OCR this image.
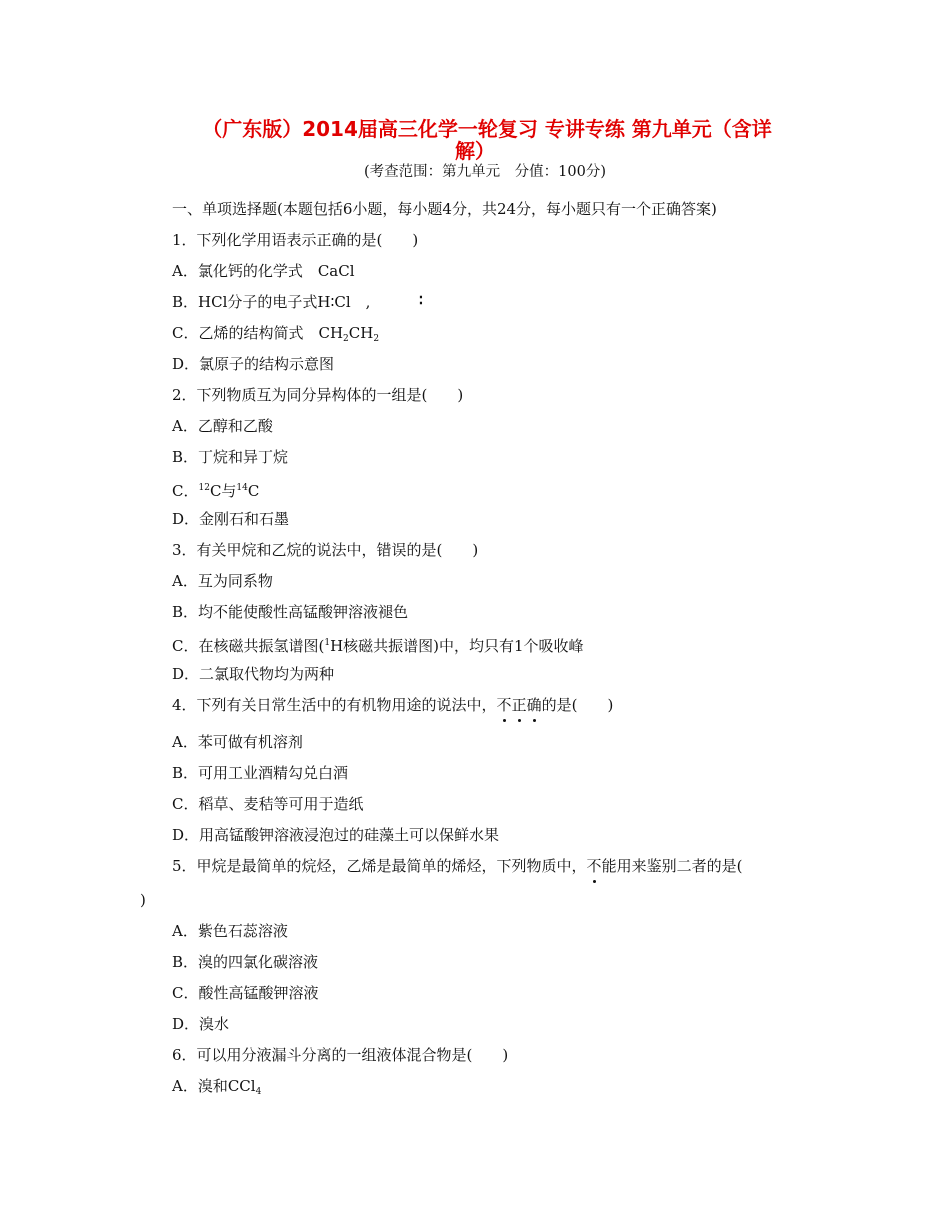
（广东版）2014届高三化学一轮复习 专讲专练 第九单元（含详
解）
(考查范围：第九单元　分值：100分)
一、单项选择题(本题包括6小题，每小题4分，共24分，每小题只有一个正确答案)
1．下列化学用语表示正确的是(　　)
A．氯化钙的化学式　CaCl
B．HCl分子的电子式H∶Cl　,	∶
C．乙烯的结构简式　$CH_2CH_2$
D．氯原子的结构示意图
2．下列物质互为同分异构体的一组是(　　)
A．乙醇和乙酸
B．丁烷和异丁烷
C．$^{12}$C与$^{14}$C
D．金刚石和石墨
3．有关甲烷和乙烷的说法中，错误的是(　　)
A．互为同系物
B．均不能使酸性高锰酸钾溶液褪色
C．在核磁共振氢谱图($^1$H核磁共振谱图)中，均只有1个吸收峰
D．二氯取代物均为两种
4．下列有关日常生活中的有机物用途的说法中，不正确的是(　　)
A．苯可做有机溶剂
B．可用工业酒精勾兑白酒
C．稻草、麦秸等可用于造纸
D．用高锰酸钾溶液浸泡过的硅藻土可以保鲜水果
5．甲烷是最简单的烷烃，乙烯是最简单的烯烃，下列物质中，不能用来鉴别二者的是(
)
A．紫色石蕊溶液
B．溴的四氯化碳溶液
C．酸性高锰酸钾溶液
D．溴水
6．可以用分液漏斗分离的一组液体混合物是(　　)
A．溴和CCl$_4$
